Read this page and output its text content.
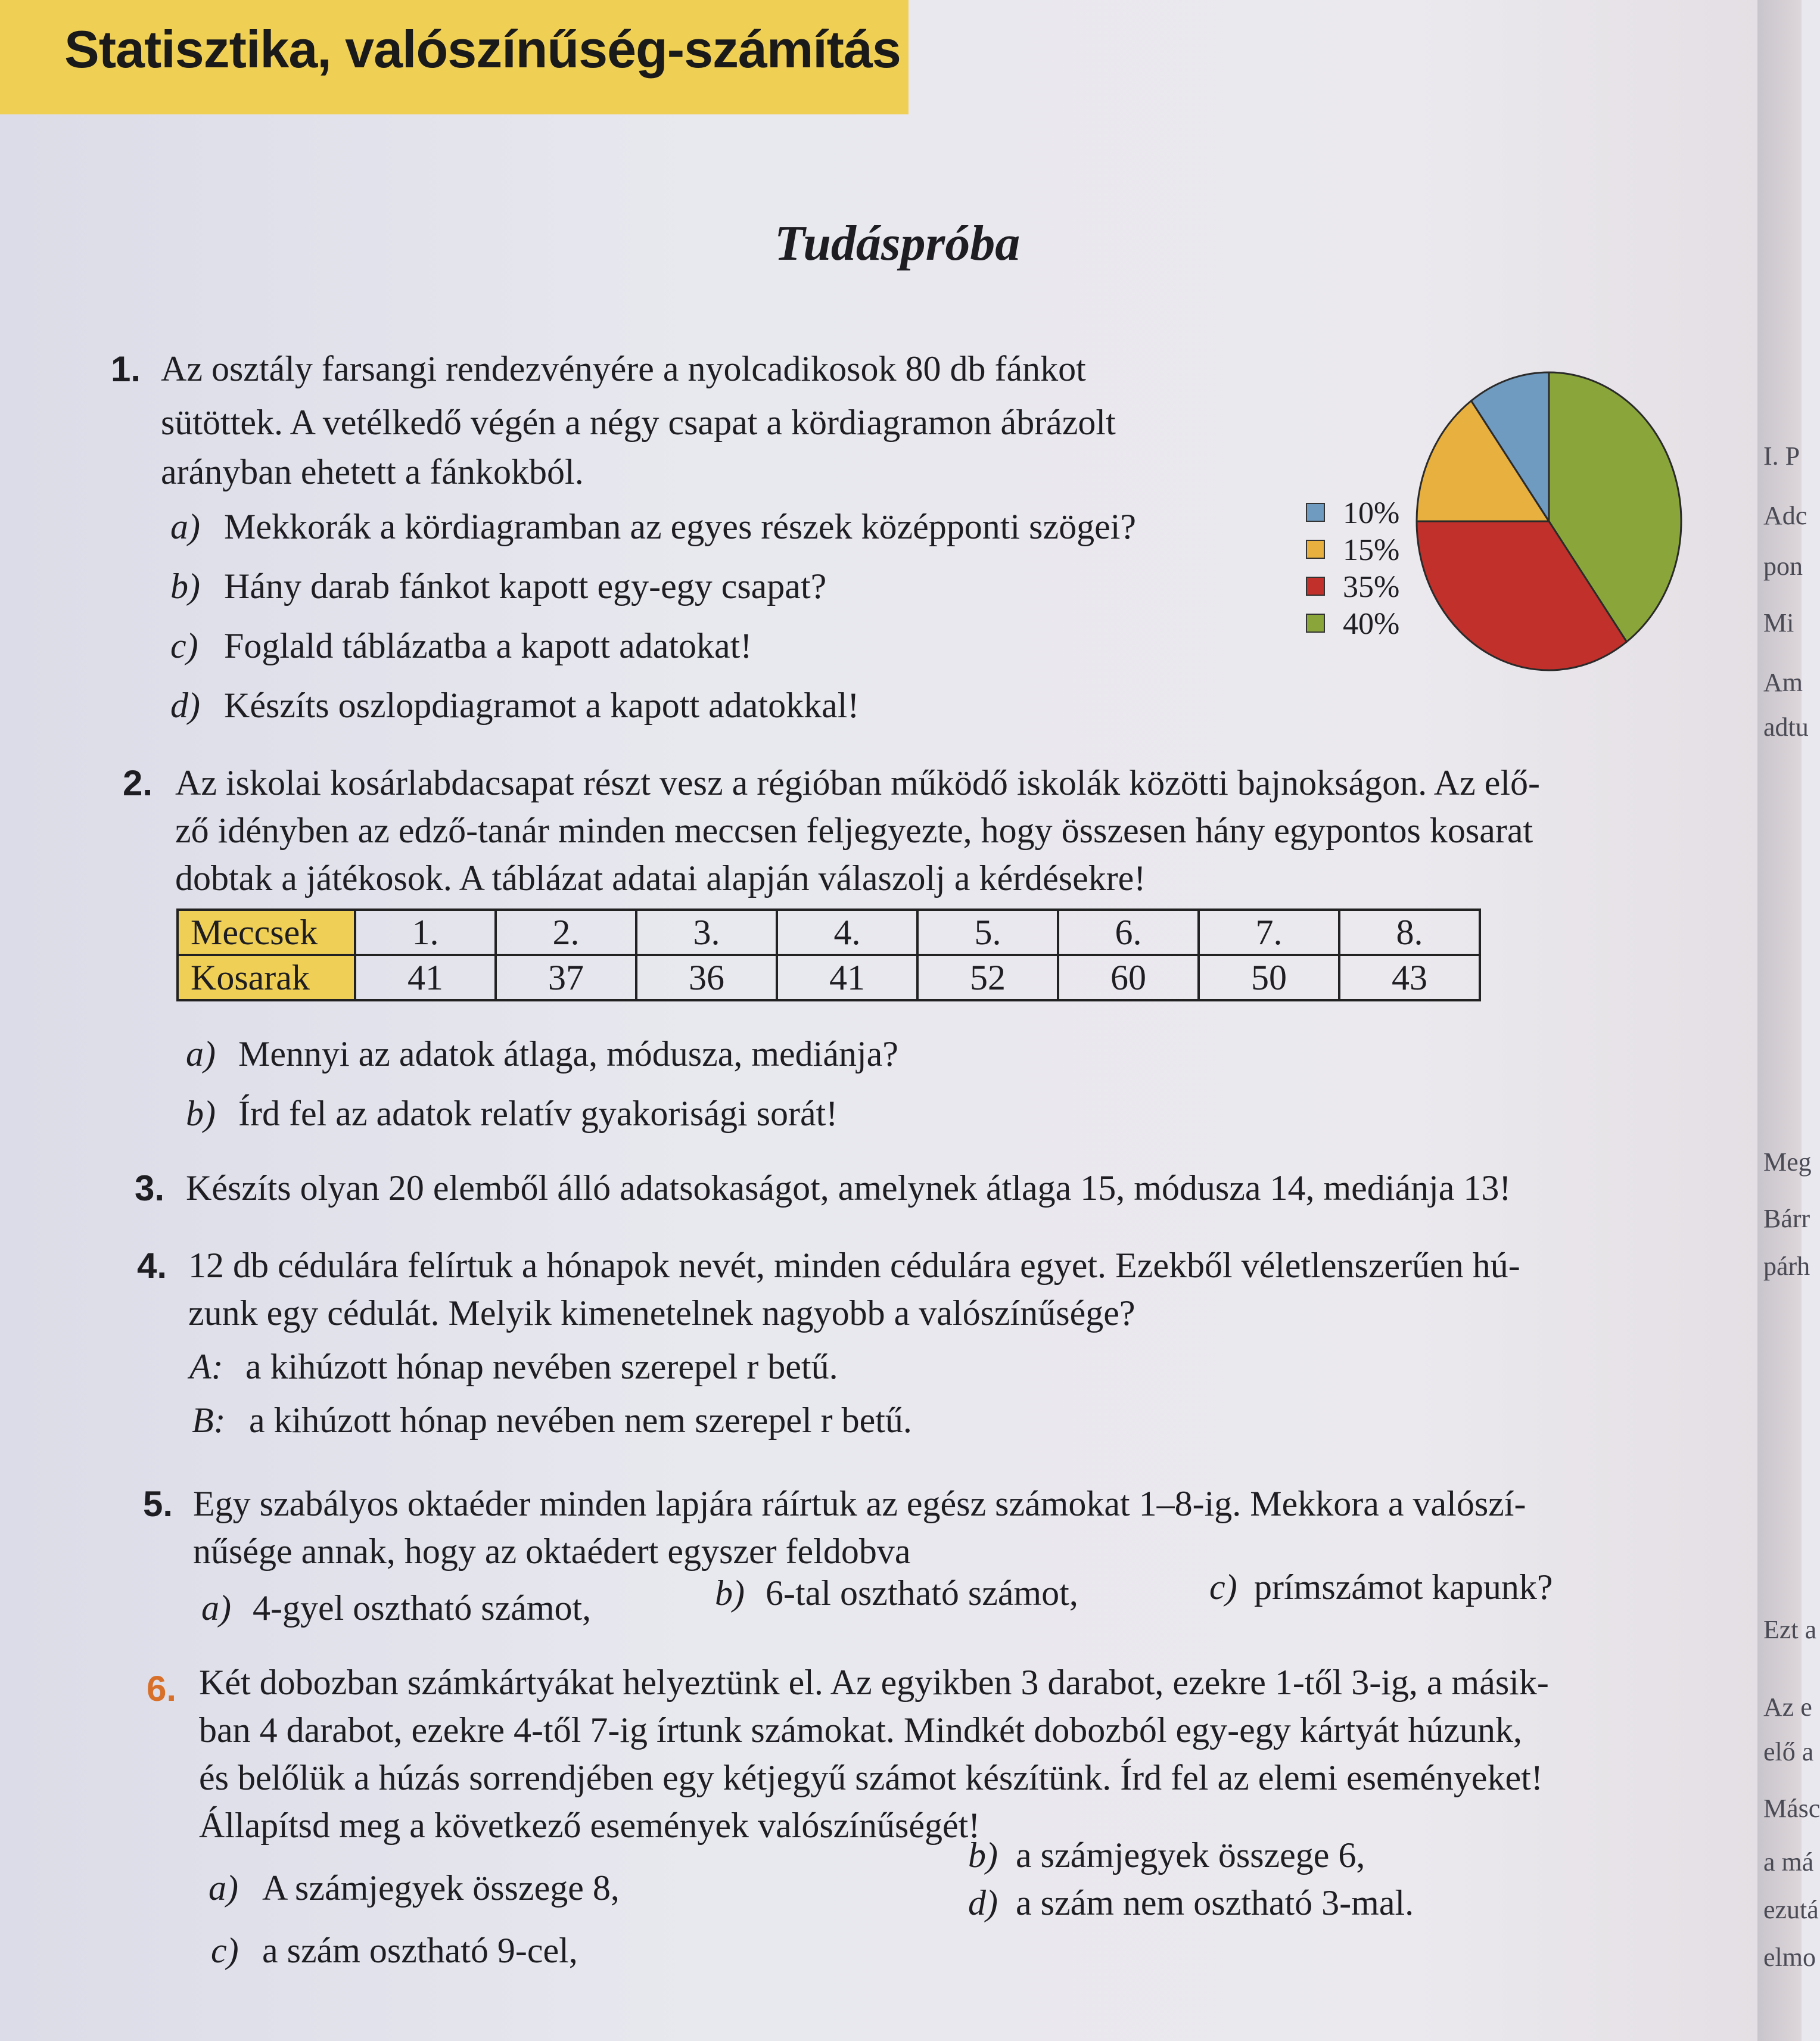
Statisztika, valószínűség-számítás
Tudáspróba
1. Az osztály farsangi rendezvényére a nyolcadikosok 80 db fánkot
sütöttek. A vetélkedő végén a négy csapat a kördiagramon ábrázolt
arányban ehetett a fánkokból.
a) Mekkorák a kördiagramban az egyes részek középponti szögei?
b) Hány darab fánkot kapott egy-egy csapat?
c) Foglald táblázatba a kapott adatokat!
d) Készíts oszlopdiagramot a kapott adatokkal!
10%
15%
35%
40%
2. Az iskolai kosárlabdacsapat részt vesz a régióban működő iskolák közötti bajnokságon. Az elő-
ző idényben az edző-tanár minden meccsen feljegyezte, hogy összesen hány egypontos kosarat
dobtak a játékosok. A táblázat adatai alapján válaszolj a kérdésekre!
Meccsek	1.	2.	3.	4.	5.	6.	7.	8.
Kosarak	41	37	36	41	52	60	50	43
a) Mennyi az adatok átlaga, módusza, mediánja?
b) Írd fel az adatok relatív gyakorisági sorát!
3. Készíts olyan 20 elemből álló adatsokaságot, amelynek átlaga 15, módusza 14, mediánja 13!
4. 12 db cédulára felírtuk a hónapok nevét, minden cédulára egyet. Ezekből véletlenszerűen hú-
zunk egy cédulát. Melyik kimenetelnek nagyobb a valószínűsége?
A: a kihúzott hónap nevében szerepel r betű.
B: a kihúzott hónap nevében nem szerepel r betű.
5. Egy szabályos oktaéder minden lapjára ráírtuk az egész számokat 1–8-ig. Mekkora a valószí-
nűsége annak, hogy az oktaédert egyszer feldobva
a) 4-gyel osztható számot,	b) 6-tal osztható számot,	c) prímszámot kapunk?
6. Két dobozban számkártyákat helyeztünk el. Az egyikben 3 darabot, ezekre 1-től 3-ig, a másik-
ban 4 darabot, ezekre 4-től 7-ig írtunk számokat. Mindkét dobozból egy-egy kártyát húzunk,
és belőlük a húzás sorrendjében egy kétjegyű számot készítünk. Írd fel az elemi eseményeket!
Állapítsd meg a következő események valószínűségét!
a) A számjegyek összege 8,
b) a számjegyek összege 6,
c) a szám osztható 9-cel,
d) a szám nem osztható 3-mal.
I. P
Adc
pon
Mi
Am
adtu
Meg
Bárr
párh
Ezt a
Az e
elő a
Másc
a má
ezutá
elmo
